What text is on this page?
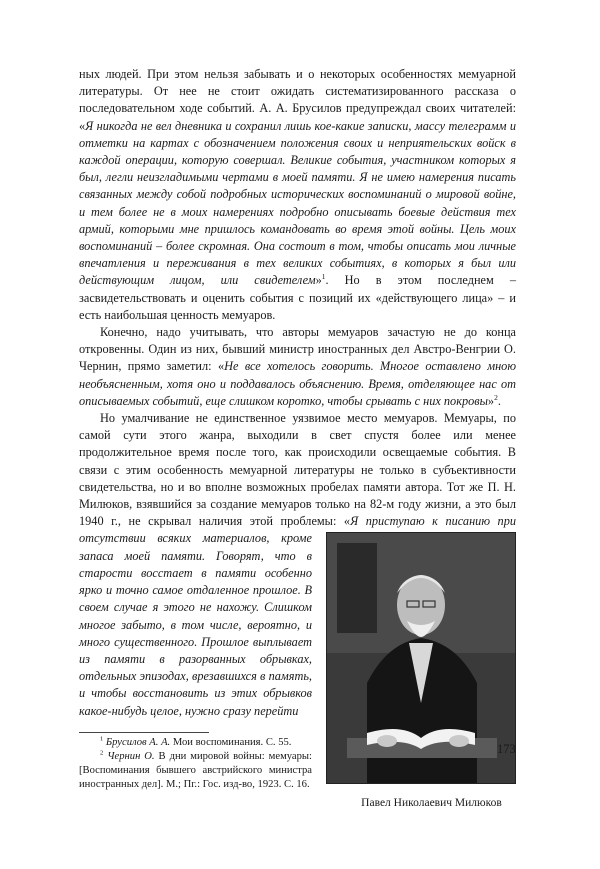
ных людей. При этом нельзя забывать и о некоторых особенностях мемуарной литературы. От нее не стоит ожидать систематизированного рассказа о последовательном ходе событий. А. А. Брусилов предупреждал своих читателей: «Я никогда не вел дневника и сохранил лишь кое-какие записки, массу телеграмм и отметки на картах с обозначением положения своих и неприятельских войск в каждой операции, которую совершал. Великие события, участником которых я был, легли неизгладимыми чертами в моей памяти. Я не имею намерения писать связанных между собой подробных исторических воспоминаний о мировой войне, и тем более не в моих намерениях подробно описывать боевые действия тех армий, которыми мне пришлось командовать во время этой войны. Цель моих воспоминаний – более скромная. Она состоит в том, чтобы описать мои личные впечатления и переживания в тех великих событиях, в которых я был или действующим лицом, или свидетелем»$^1$. Но в этом последнем – засвидетельствовать и оценить события с позиций их «действующего лица» – и есть наибольшая ценность мемуаров.

Конечно, надо учитывать, что авторы мемуаров зачастую не до конца откровенны. Один из них, бывший министр иностранных дел Австро-Венгрии О. Чернин, прямо заметил: «Не все хотелось говорить. Многое оставлено мною необъясненным, хотя оно и поддавалось объяснению. Время, отделяющее нас от описываемых событий, еще слишком коротко, чтобы срывать с них покровы»$^2$.

Но умалчивание не единственное уязвимое место мемуаров. Мемуары, по самой сути этого жанра, выходили в свет спустя более или менее продолжительное время после того, как происходили освещаемые события. В связи с этим особенность мемуарной литературы не только в субъективности свидетельства, но и во вполне возможных пробелах памяти автора. Тот же П. Н. Милюков, взявшийся за создание мемуаров только на 82-м году жизни, а это был 1940 г., не скрывал наличия этой проблемы: «
Павел Николаевич Милюков
Я приступаю к писанию при отсутствии всяких материалов, кроме запаса моей памяти. Говорят, что в старости восстает в памяти особенно ярко и точно самое отдаленное прошлое. В своем случае я этого не нахожу. Слишком многое забыто, в том числе, вероятно, и много существенного. Прошлое выплывает из памяти в разорванных обрывках, отдельных эпизодах, врезавшихся в память, и чтобы восстановить из этих обрывков какое-нибудь целое, нужно сразу перейти

$^1$ Брусилов А. А. Мои воспоминания. С. 55.

$^2$ Чернин О. В дни мировой войны: мемуары: [Воспоминания бывшего австрийского министра иностранных дел]. М.; Пг.: Гос. изд-во, 1923. С. 16.

173
